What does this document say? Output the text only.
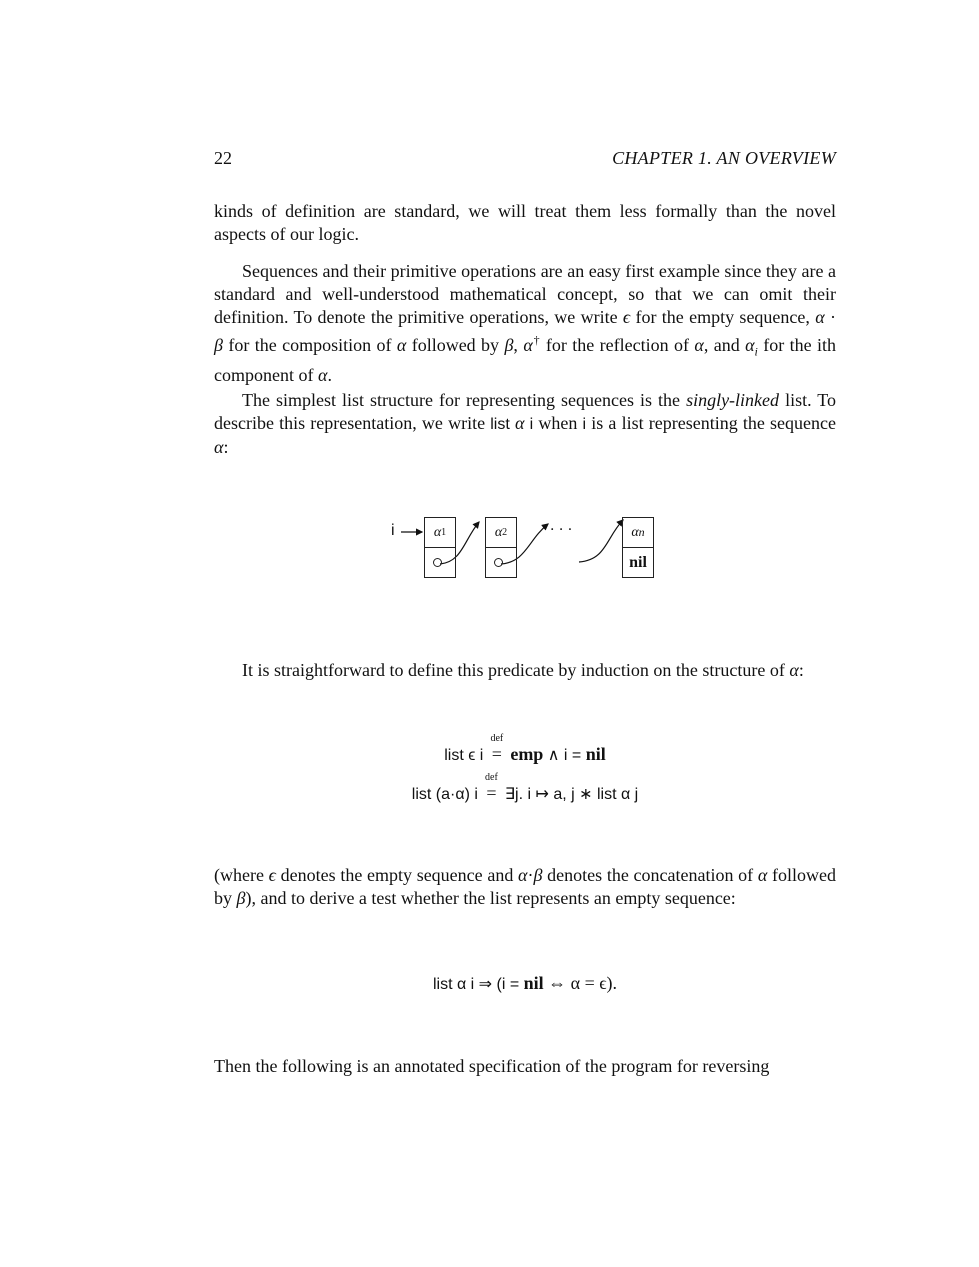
22	CHAPTER 1. AN OVERVIEW
kinds of definition are standard, we will treat them less formally than the novel aspects of our logic.
Sequences and their primitive operations are an easy first example since they are a standard and well-understood mathematical concept, so that we can omit their definition. To denote the primitive operations, we write ϵ for the empty sequence, α · β for the composition of α followed by β, α† for the reflection of α, and $\alpha_i$ for the ith component of α.
The simplest list structure for representing sequences is the singly-linked list. To describe this representation, we write list α i when i is a list representing the sequence α:
i	α 1	α 2	· · ·	α n
nil
It is straightforward to define this predicate by induction on the structure of α:
list ϵ i
def
= emp ∧ i = nil
list (a·α) i
def
= ∃j. i ↦ a, j ∗ list α j
(where ϵ denotes the empty sequence and α·β denotes the concatenation of α followed by β), and to derive a test whether the list represents an empty sequence:
list α i ⇒ (i = nil ⇔ α = ϵ).
Then the following is an annotated specification of the program for reversing
